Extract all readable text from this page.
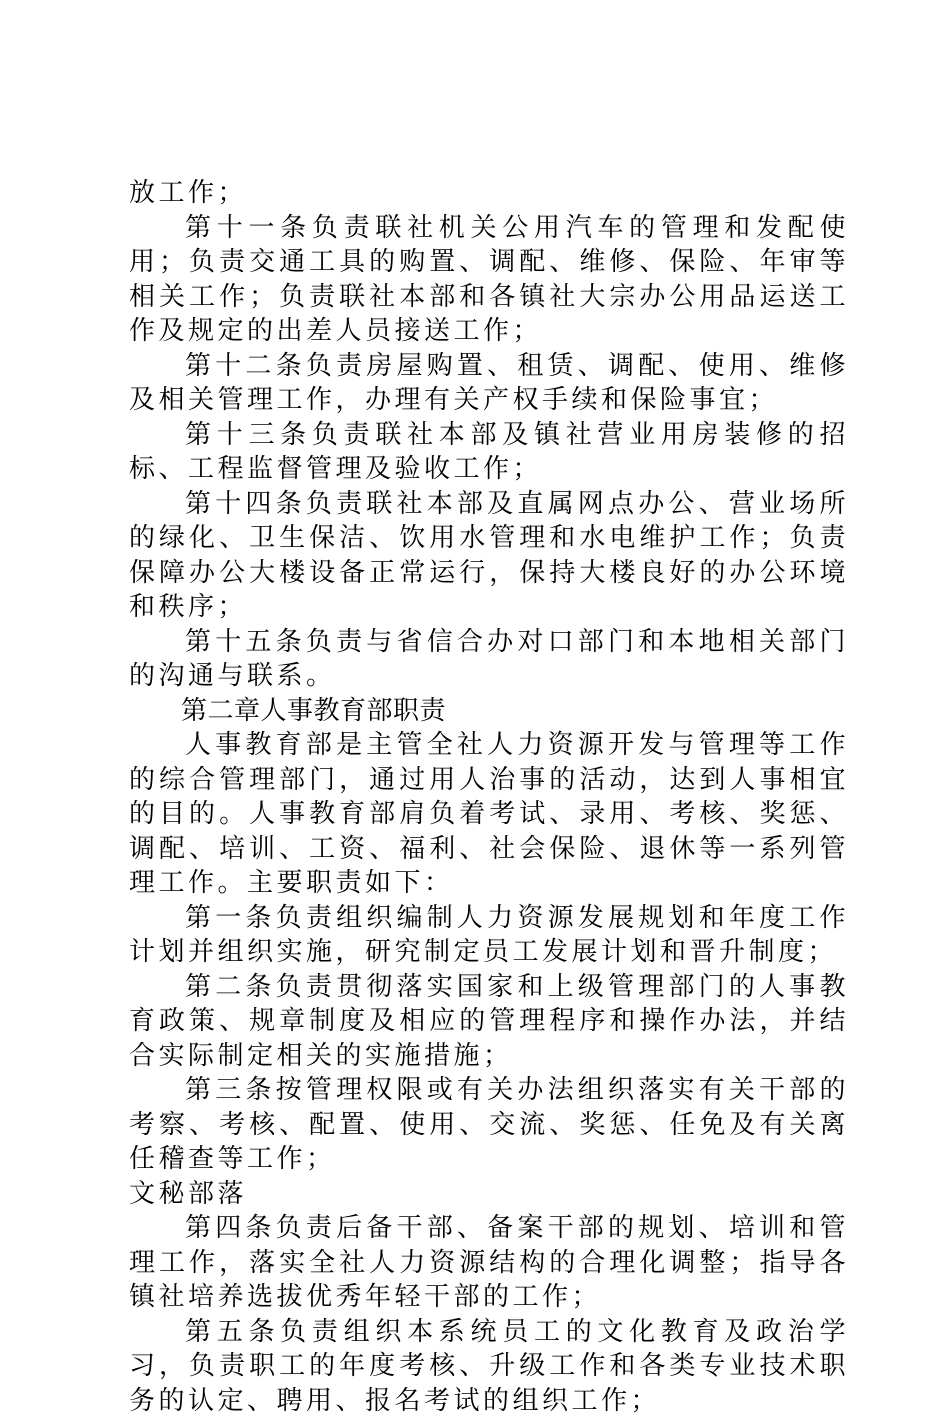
放工作；

第十一条负责联社机关公用汽车的管理和发配使用；负责交通工具的购置、调配、维修、保险、年审等相关工作；负责联社本部和各镇社大宗办公用品运送工作及规定的出差人员接送工作；

第十二条负责房屋购置、租赁、调配、使用、维修及相关管理工作，办理有关产权手续和保险事宜；

第十三条负责联社本部及镇社营业用房装修的招标、工程监督管理及验收工作；

第十四条负责联社本部及直属网点办公、营业场所的绿化、卫生保洁、饮用水管理和水电维护工作；负责保障办公大楼设备正常运行，保持大楼良好的办公环境和秩序；

第十五条负责与省信合办对口部门和本地相关部门的沟通与联系。

第二章人事教育部职责

人事教育部是主管全社人力资源开发与管理等工作的综合管理部门，通过用人治事的活动，达到人事相宜的目的。人事教育部肩负着考试、录用、考核、奖惩、调配、培训、工资、福利、社会保险、退休等一系列管理工作。主要职责如下：

第一条负责组织编制人力资源发展规划和年度工作计划并组织实施，研究制定员工发展计划和晋升制度；

第二条负责贯彻落实国家和上级管理部门的人事教育政策、规章制度及相应的管理程序和操作办法，并结合实际制定相关的实施措施；

第三条按管理权限或有关办法组织落实有关干部的考察、考核、配置、使用、交流、奖惩、任免及有关离任稽查等工作；

文秘部落

第四条负责后备干部、备案干部的规划、培训和管理工作，落实全社人力资源结构的合理化调整；指导各镇社培养选拔优秀年轻干部的工作；

第五条负责组织本系统员工的文化教育及政治学习，负责职工的年度考核、升级工作和各类专业技术职务的认定、聘用、报名考试的组织工作；
